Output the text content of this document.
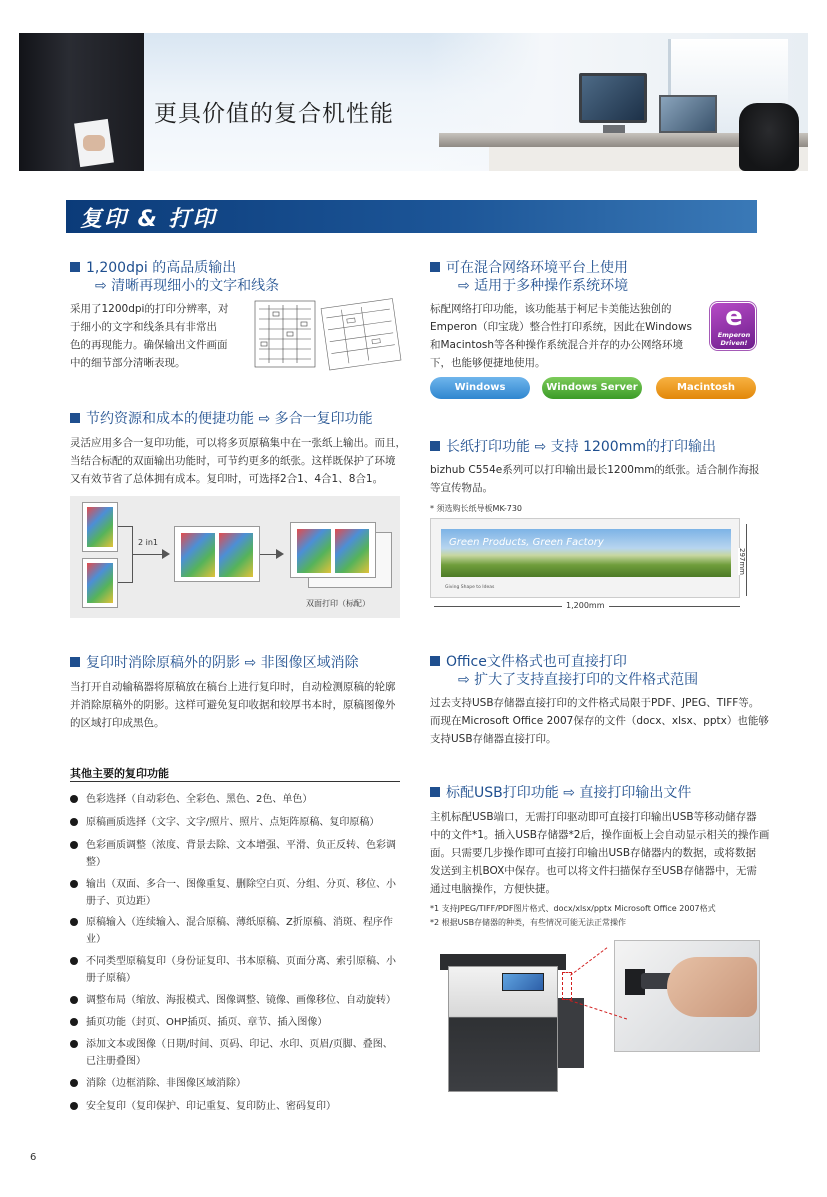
更具价值的复合机性能
复印 & 打印
1,200dpi 的高品质输出
⇨ 清晰再现细小的文字和线条
采用了1200dpi的打印分辨率，对
于细小的文字和线条具有非常出
色的再现能力。确保输出文件画面
中的细节部分清晰表现。
可在混合网络环境平台上使用
⇨ 适用于多种操作系统环境
标配网络打印功能，该功能基于柯尼卡美能达独创的
Emperon（印宝珑）整合性打印系统，因此在Windows
和Macintosh等各种操作系统混合并存的办公网络环境
下，也能够便捷地使用。
e
Emperon Driven!
Windows	Windows Server	Macintosh
节约资源和成本的便捷功能 ⇨ 多合一复印功能
灵活应用多合一复印功能，可以将多页原稿集中在一张纸上输出。而且，
当结合标配的双面输出功能时，可节约更多的纸张。这样既保护了环境
又有效节省了总体拥有成本。复印时，可选择2合1、4合1、8合1。
2 in1
双面打印（标配）
长纸打印功能 ⇨ 支持 1200mm的打印输出
bizhub C554e系列可以打印输出最长1200mm的纸张。适合制作海报
等宣传物品。
* 须选购长纸导板MK-730
Green Products, Green Factory
Giving Shape to Ideas
1,200mm
297mm
复印时消除原稿外的阴影 ⇨ 非图像区域消除
当打开自动输稿器将原稿放在稿台上进行复印时，自动检测原稿的轮廓
并消除原稿外的阴影。这样可避免复印收据和较厚书本时，原稿图像外
的区域打印成黑色。
Office文件格式也可直接打印
⇨ 扩大了支持直接打印的文件格式范围
过去支持USB存储器直接打印的文件格式局限于PDF、JPEG、TIFF等。
而现在Microsoft Office 2007保存的文件（docx、xlsx、pptx）也能够
支持USB存储器直接打印。
其他主要的复印功能
色彩选择（自动彩色、全彩色、黑色、2色、单色）
原稿画质选择（文字、文字/照片、照片、点矩阵原稿、复印原稿）
色彩画质调整（浓度、背景去除、文本增强、平滑、负正反转、色彩调整）
输出（双面、多合一、图像重复、删除空白页、分组、分页、移位、小册子、页边距）
原稿输入（连续输入、混合原稿、薄纸原稿、Z折原稿、消斑、程序作业）
不同类型原稿复印（身份证复印、书本原稿、页面分离、索引原稿、小册子原稿）
调整布局（缩放、海报模式、图像调整、镜像、画像移位、自动旋转）
插页功能（封页、OHP插页、插页、章节、插入图像）
添加文本或图像（日期/时间、页码、印记、水印、页眉/页脚、叠图、已注册叠图）
消除（边框消除、非图像区域消除）
安全复印（复印保护、印记重复、复印防止、密码复印）
标配USB打印功能 ⇨ 直接打印输出文件
主机标配USB端口，无需打印驱动即可直接打印输出USB等移动储存器
中的文件*1。插入USB存储器*2后，操作面板上会自动显示相关的操作画
面。只需要几步操作即可直接打印输出USB存储器内的数据，或将数据
发送到主机BOX中保存。也可以将文件扫描保存至USB存储器中，无需
通过电脑操作，方便快捷。
*1 支持JPEG/TIFF/PDF图片格式、docx/xlsx/pptx Microsoft Office 2007格式
*2 根据USB存储器的种类，有些情况可能无法正常操作
6
